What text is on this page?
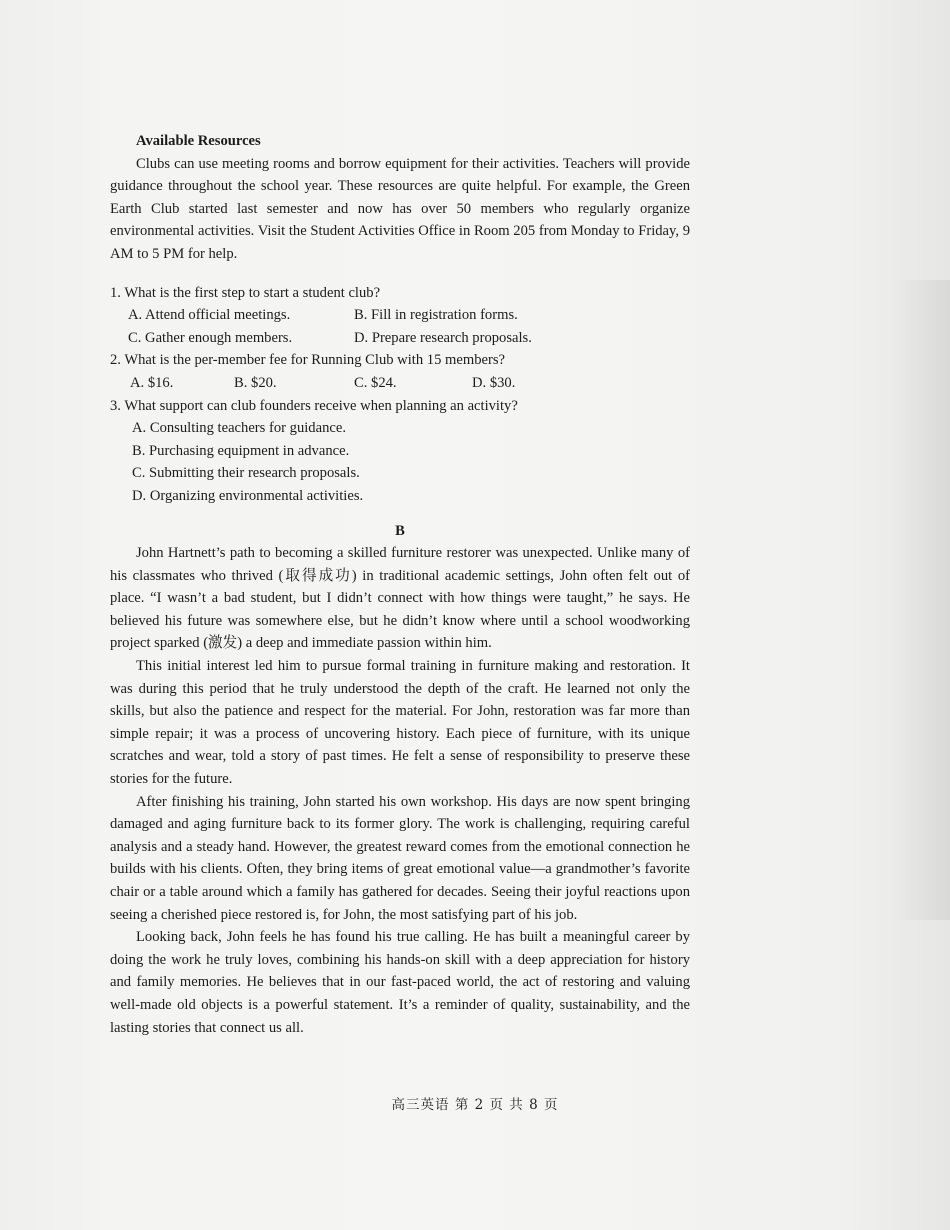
Available Resources

Clubs can use meeting rooms and borrow equipment for their activities. Teachers will provide guidance throughout the school year. These resources are quite helpful. For example, the Green Earth Club started last semester and now has over 50 members who regularly organize environmental activities. Visit the Student Activities Office in Room 205 from Monday to Friday, 9 AM to 5 PM for help.

1. What is the first step to start a student club?

A. Attend official meetings.	B. Fill in registration forms.

C. Gather enough members.	D. Prepare research proposals.

2. What is the per-member fee for Running Club with 15 members?

A. $16.	B. $20.	C. $24.	D. $30.

3. What support can club founders receive when planning an activity?

A. Consulting teachers for guidance.

B. Purchasing equipment in advance.

C. Submitting their research proposals.

D. Organizing environmental activities.

B

John Hartnett’s path to becoming a skilled furniture restorer was unexpected. Unlike many of his classmates who thrived (取得成功) in traditional academic settings, John often felt out of place. “I wasn’t a bad student, but I didn’t connect with how things were taught,” he says. He believed his future was somewhere else, but he didn’t know where until a school woodworking project sparked (激发) a deep and immediate passion within him.

This initial interest led him to pursue formal training in furniture making and restoration. It was during this period that he truly understood the depth of the craft. He learned not only the skills, but also the patience and respect for the material. For John, restoration was far more than simple repair; it was a process of uncovering history. Each piece of furniture, with its unique scratches and wear, told a story of past times. He felt a sense of responsibility to preserve these stories for the future.

After finishing his training, John started his own workshop. His days are now spent bringing damaged and aging furniture back to its former glory. The work is challenging, requiring careful analysis and a steady hand. However, the greatest reward comes from the emotional connection he builds with his clients. Often, they bring items of great emotional value—a grandmother’s favorite chair or a table around which a family has gathered for decades. Seeing their joyful reactions upon seeing a cherished piece restored is, for John, the most satisfying part of his job.

Looking back, John feels he has found his true calling. He has built a meaningful career by doing the work he truly loves, combining his hands-on skill with a deep appreciation for history and family memories. He believes that in our fast-paced world, the act of restoring and valuing well-made old objects is a powerful statement. It’s a reminder of quality, sustainability, and the lasting stories that connect us all.

高三英语 第 2 页 共 8 页
